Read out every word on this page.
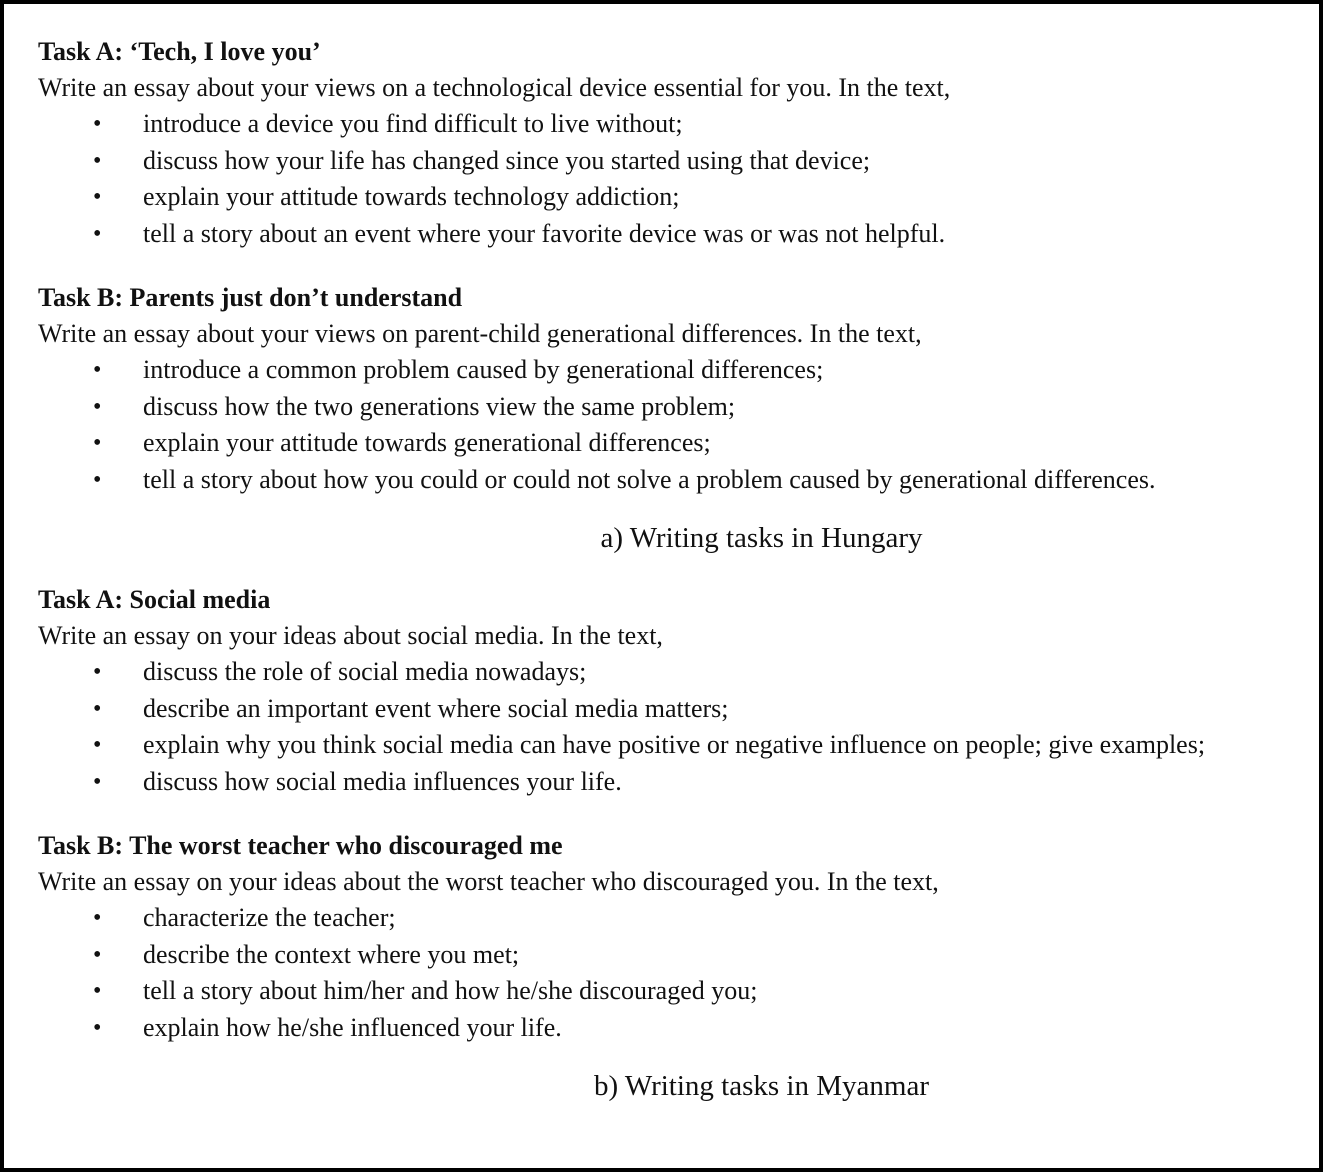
Task A: ‘Tech, I love you’
Write an essay about your views on a technological device essential for you. In the text,
• introduce a device you find difficult to live without;
• discuss how your life has changed since you started using that device;
• explain your attitude towards technology addiction;
• tell a story about an event where your favorite device was or was not helpful.
Task B: Parents just don’t understand
Write an essay about your views on parent-child generational differences. In the text,
• introduce a common problem caused by generational differences;
• discuss how the two generations view the same problem;
• explain your attitude towards generational differences;
• tell a story about how you could or could not solve a problem caused by generational differences.
a) Writing tasks in Hungary
Task A: Social media
Write an essay on your ideas about social media. In the text,
• discuss the role of social media nowadays;
• describe an important event where social media matters;
• explain why you think social media can have positive or negative influence on people; give examples;
• discuss how social media influences your life.
Task B: The worst teacher who discouraged me
Write an essay on your ideas about the worst teacher who discouraged you. In the text,
• characterize the teacher;
• describe the context where you met;
• tell a story about him/her and how he/she discouraged you;
• explain how he/she influenced your life.
b) Writing tasks in Myanmar
